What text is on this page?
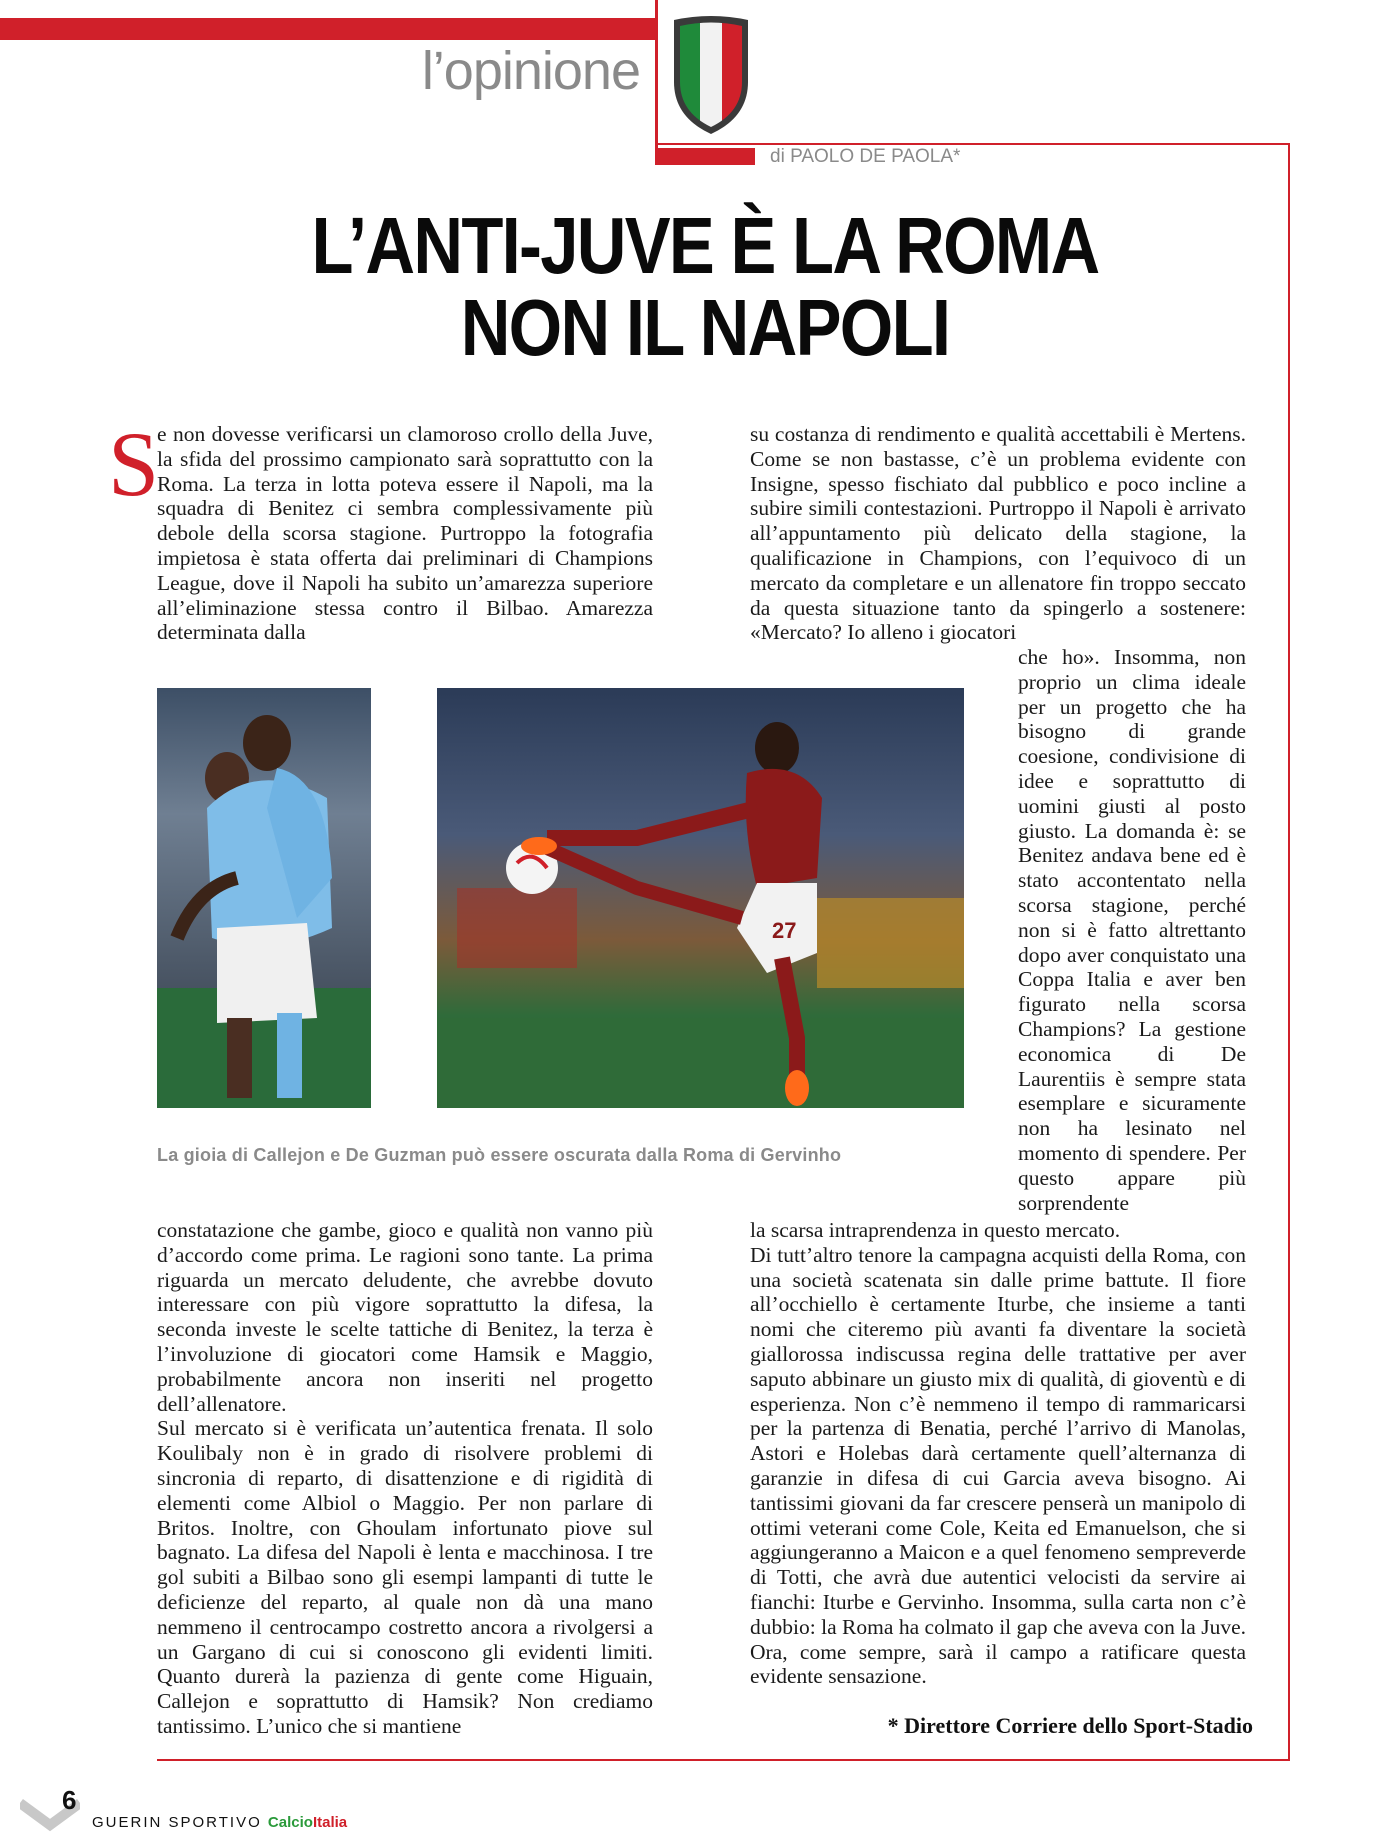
l’opinione
di PAOLO DE PAOLA*
L’ANTI-JUVE È LA ROMA
NON IL NAPOLI
S

e non dovesse verificarsi un clamoroso crollo della Juve, la sfida del prossimo campionato sarà soprattutto con la Roma. La terza in lotta poteva essere il Napoli, ma la squadra di Benitez ci sembra complessivamente più debole della scorsa stagione. Purtroppo la fotografia impietosa è stata offerta dai preliminari di Champions League, dove il Napoli ha subito un’amarezza superiore all’eliminazione stessa contro il Bilbao. Amarezza determinata dalla

su costanza di rendimento e qualità accettabili è Mertens. Come se non bastasse, c’è un problema evidente con Insigne, spesso fischiato dal pubblico e poco incline a subire simili contestazioni. Purtroppo il Napoli è arrivato all’appuntamento più delicato della stagione, la qualificazione in Champions, con l’equivoco di un mercato da completare e un allenatore fin troppo seccato da questa situazione tanto da spingerlo a sostenere: «Mercato? Io alleno i giocatori

che ho». Insomma, non proprio un clima ideale per un progetto che ha bisogno di grande coesione, condivisione di idee e soprattutto di uomini giusti al posto giusto. La domanda è: se Benitez andava bene ed è stato accontentato nella scorsa stagione, perché non si è fatto altrettanto dopo aver conquistato una Coppa Italia e aver ben figurato nella scorsa Champions? La gestione economica di De Laurentiis è sempre stata esemplare e sicuramente non ha lesinato nel momento di spendere. Per questo appare più sorprendente

27
La gioia di Callejon e De Guzman può essere oscurata dalla Roma di Gervinho

constatazione che gambe, gioco e qualità non vanno più d’accordo come prima. Le ragioni sono tante. La prima riguarda un mercato deludente, che avrebbe dovuto interessare con più vigore soprattutto la difesa, la seconda investe le scelte tattiche di Benitez, la terza è l’involuzione di giocatori come Hamsik e Maggio, probabilmente ancora non inseriti nel progetto dell’allenatore.

Sul mercato si è verificata un’autentica frenata. Il solo Koulibaly non è in grado di risolvere problemi di sincronia di reparto, di disattenzione e di rigidità di elementi come Albiol o Maggio. Per non parlare di Britos. Inoltre, con Ghoulam infortunato piove sul bagnato. La difesa del Napoli è lenta e macchinosa. I tre gol subiti a Bilbao sono gli esempi lampanti di tutte le deficienze del reparto, al quale non dà una mano nemmeno il centrocampo costretto ancora a rivolgersi a un Gargano di cui si conoscono gli evidenti limiti. Quanto durerà la pazienza di gente come Higuain, Callejon e soprattutto di Hamsik? Non crediamo tantissimo. L’unico che si mantiene

la scarsa intraprendenza in questo mercato.

Di tutt’altro tenore la campagna acquisti della Roma, con una società scatenata sin dalle prime battute. Il fiore all’occhiello è certamente Iturbe, che insieme a tanti nomi che citeremo più avanti fa diventare la società giallorossa indiscussa regina delle trattative per aver saputo abbinare un giusto mix di qualità, di gioventù e di esperienza. Non c’è nemmeno il tempo di rammaricarsi per la partenza di Benatia, perché l’arrivo di Manolas, Astori e Holebas darà certamente quell’alternanza di garanzie in difesa di cui Garcia aveva bisogno. Ai tantissimi giovani da far crescere penserà un manipolo di ottimi veterani come Cole, Keita ed Emanuelson, che si aggiungeranno a Maicon e a quel fenomeno sempreverde di Totti, che avrà due autentici velocisti da servire ai fianchi: Iturbe e Gervinho. Insomma, sulla carta non c’è dubbio: la Roma ha colmato il gap che aveva con la Juve. Ora, come sempre, sarà il campo a ratificare questa evidente sensazione.

* Direttore Corriere dello Sport-Stadio
6
GUERIN SPORTIVO CalcioItalia
